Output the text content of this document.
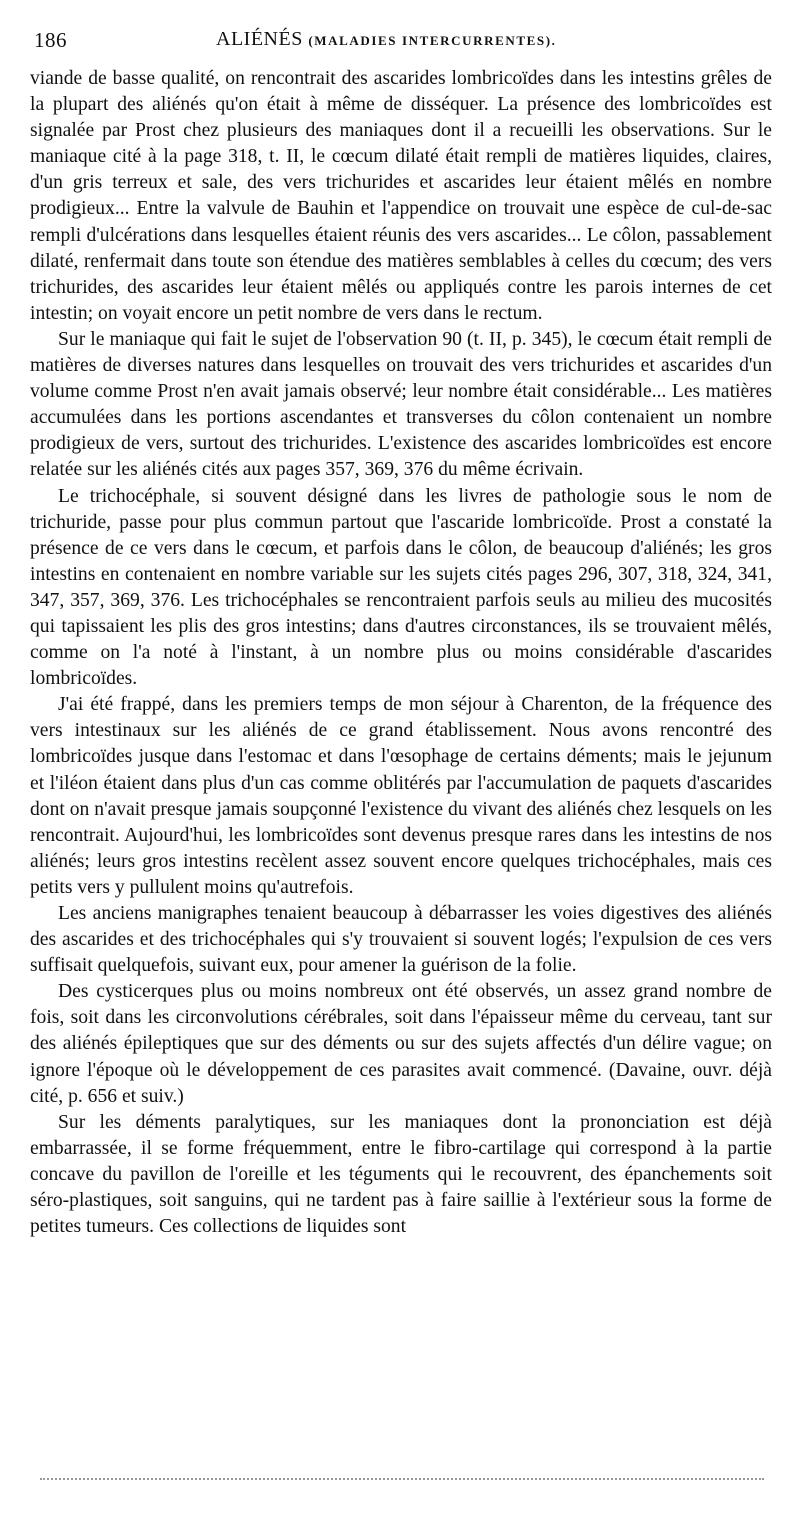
186	ALIÉNÉS (MALADIES INTERCURRENTES).

viande de basse qualité, on rencontrait des ascarides lombricoïdes dans les intestins grêles de la plupart des aliénés qu'on était à même de disséquer. La présence des lombricoïdes est signalée par Prost chez plusieurs des maniaques dont il a recueilli les observations. Sur le maniaque cité à la page 318, t. II, le cœcum dilaté était rempli de matières liquides, claires, d'un gris terreux et sale, des vers trichurides et ascarides leur étaient mêlés en nombre prodigieux... Entre la valvule de Bauhin et l'appendice on trouvait une espèce de cul-de-sac rempli d'ulcérations dans lesquelles étaient réunis des vers ascarides... Le côlon, passablement dilaté, renfermait dans toute son étendue des matières semblables à celles du cœcum; des vers trichurides, des ascarides leur étaient mêlés ou appliqués contre les parois internes de cet intestin; on voyait encore un petit nombre de vers dans le rectum.

Sur le maniaque qui fait le sujet de l'observation 90 (t. II, p. 345), le cœcum était rempli de matières de diverses natures dans lesquelles on trouvait des vers trichurides et ascarides d'un volume comme Prost n'en avait jamais observé; leur nombre était considérable... Les matières accumulées dans les portions ascendantes et transverses du côlon contenaient un nombre prodigieux de vers, surtout des trichurides. L'existence des ascarides lombricoïdes est encore relatée sur les aliénés cités aux pages 357, 369, 376 du même écrivain.

Le trichocéphale, si souvent désigné dans les livres de pathologie sous le nom de trichuride, passe pour plus commun partout que l'ascaride lombricoïde. Prost a constaté la présence de ce vers dans le cœcum, et parfois dans le côlon, de beaucoup d'aliénés; les gros intestins en contenaient en nombre variable sur les sujets cités pages 296, 307, 318, 324, 341, 347, 357, 369, 376. Les trichocéphales se rencontraient parfois seuls au milieu des mucosités qui tapissaient les plis des gros intestins; dans d'autres circonstances, ils se trouvaient mêlés, comme on l'a noté à l'instant, à un nombre plus ou moins considérable d'ascarides lombricoïdes.

J'ai été frappé, dans les premiers temps de mon séjour à Charenton, de la fréquence des vers intestinaux sur les aliénés de ce grand établissement. Nous avons rencontré des lombricoïdes jusque dans l'estomac et dans l'œsophage de certains déments; mais le jejunum et l'iléon étaient dans plus d'un cas comme oblitérés par l'accumulation de paquets d'ascarides dont on n'avait presque jamais soupçonné l'existence du vivant des aliénés chez lesquels on les rencontrait. Aujourd'hui, les lombricoïdes sont devenus presque rares dans les intestins de nos aliénés; leurs gros intestins recèlent assez souvent encore quelques trichocéphales, mais ces petits vers y pullulent moins qu'autrefois.

Les anciens manigraphes tenaient beaucoup à débarrasser les voies digestives des aliénés des ascarides et des trichocéphales qui s'y trouvaient si souvent logés; l'expulsion de ces vers suffisait quelquefois, suivant eux, pour amener la guérison de la folie.

Des cysticerques plus ou moins nombreux ont été observés, un assez grand nombre de fois, soit dans les circonvolutions cérébrales, soit dans l'épaisseur même du cerveau, tant sur des aliénés épileptiques que sur des déments ou sur des sujets affectés d'un délire vague; on ignore l'époque où le développement de ces parasites avait commencé. (Davaine, ouvr. déjà cité, p. 656 et suiv.)

Sur les déments paralytiques, sur les maniaques dont la prononciation est déjà embarrassée, il se forme fréquemment, entre le fibro-cartilage qui correspond à la partie concave du pavillon de l'oreille et les téguments qui le recouvrent, des épanchements soit séro-plastiques, soit sanguins, qui ne tardent pas à faire saillie à l'extérieur sous la forme de petites tumeurs. Ces collections de liquides sont
